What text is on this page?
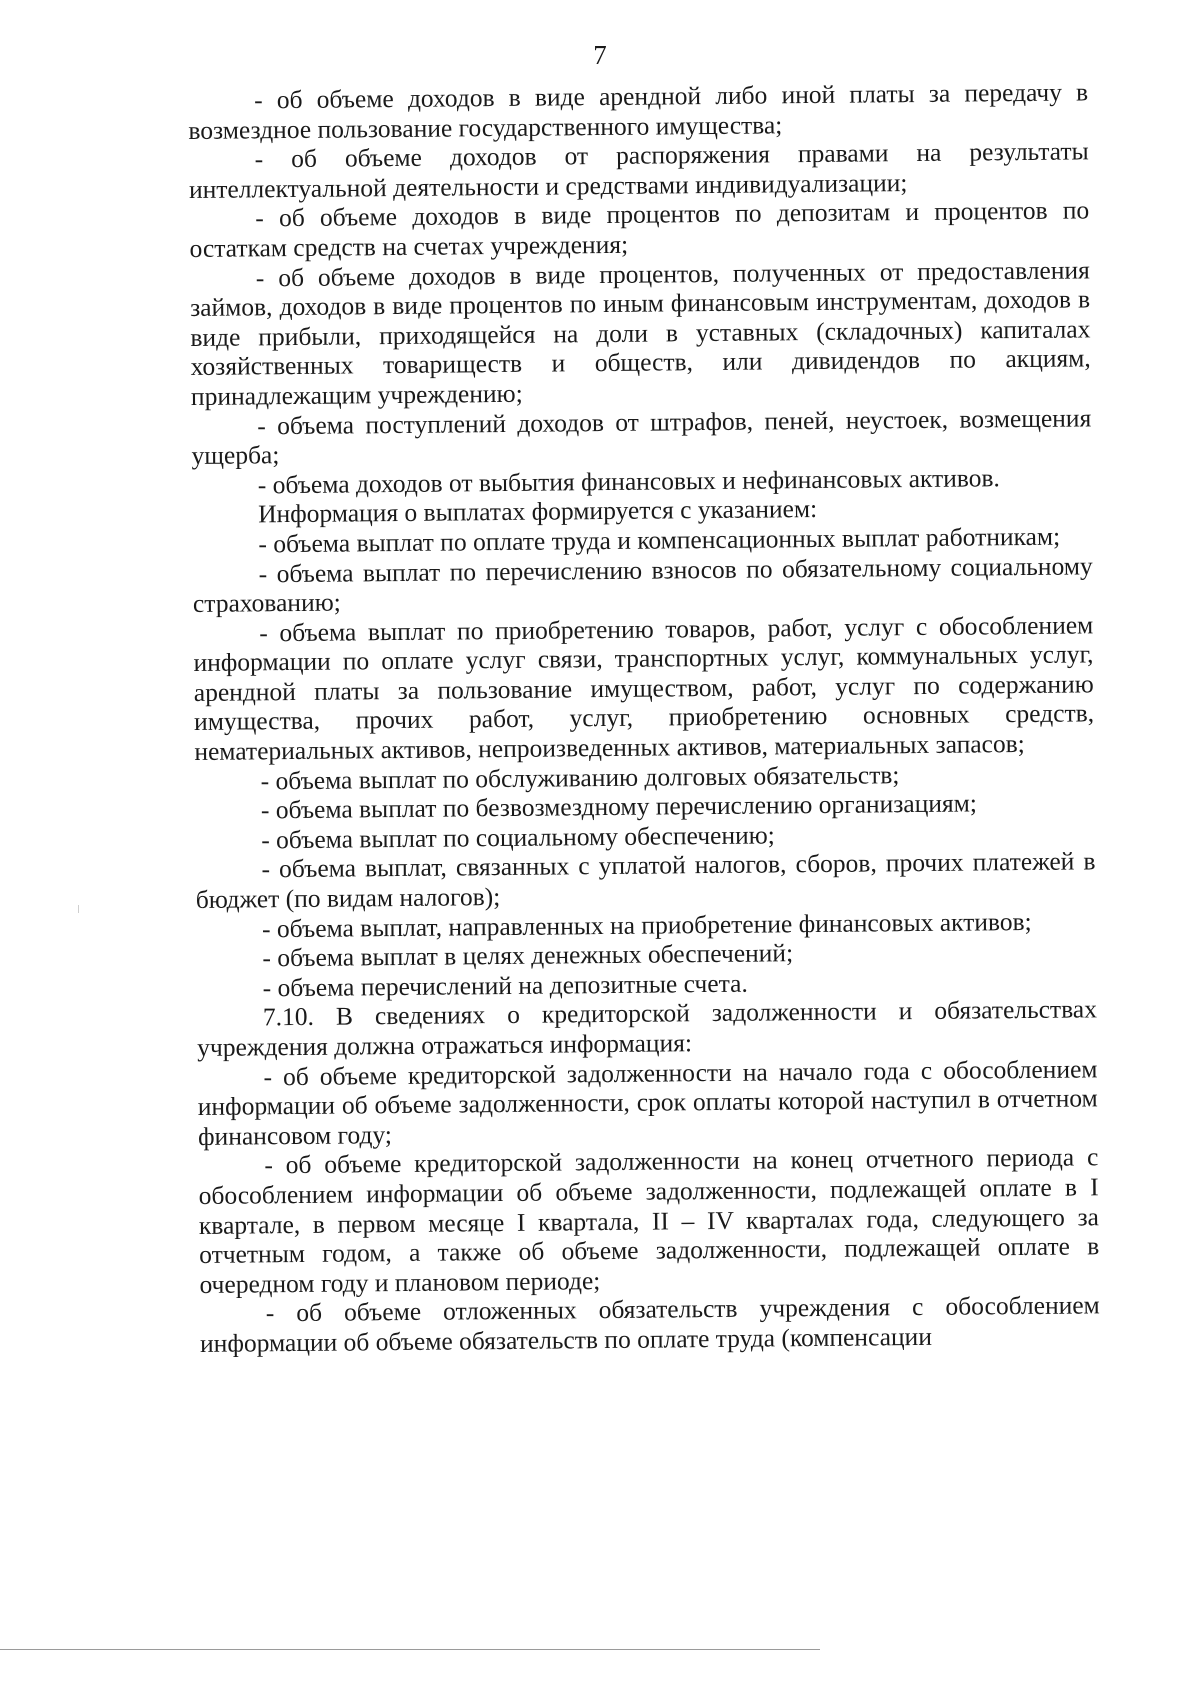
7

- об объеме доходов в виде арендной либо иной платы за передачу в возмездное пользование государственного имущества;

- об объеме доходов от распоряжения правами на результаты интеллектуальной деятельности и средствами индивидуализации;

- об объеме доходов в виде процентов по депозитам и процентов по остаткам средств на счетах учреждения;

- об объеме доходов в виде процентов, полученных от предоставления займов, доходов в виде процентов по иным финансовым инструментам, доходов в виде прибыли, приходящейся на доли в уставных (складочных) капиталах хозяйственных товариществ и обществ, или дивидендов по акциям, принадлежащим учреждению;

- объема поступлений доходов от штрафов, пеней, неустоек, возмещения ущерба;

- объема доходов от выбытия финансовых и нефинансовых активов.

Информация о выплатах формируется с указанием:

- объема выплат по оплате труда и компенсационных выплат работникам;

- объема выплат по перечислению взносов по обязательному социальному страхованию;

- объема выплат по приобретению товаров, работ, услуг с обособлением информации по оплате услуг связи, транспортных услуг, коммунальных услуг, арендной платы за пользование имуществом, работ, услуг по содержанию имущества, прочих работ, услуг, приобретению основных средств, нематериальных активов, непроизведенных активов, материальных запасов;

- объема выплат по обслуживанию долговых обязательств;

- объема выплат по безвозмездному перечислению организациям;

- объема выплат по социальному обеспечению;

- объема выплат, связанных с уплатой налогов, сборов, прочих платежей в бюджет (по видам налогов);

- объема выплат, направленных на приобретение финансовых активов;

- объема выплат в целях денежных обеспечений;

- объема перечислений на депозитные счета.

7.10. В сведениях о кредиторской задолженности и обязательствах учреждения должна отражаться информация:

- об объеме кредиторской задолженности на начало года с обособлением информации об объеме задолженности, срок оплаты которой наступил в отчетном финансовом году;

- об объеме кредиторской задолженности на конец отчетного периода с обособлением информации об объеме задолженности, подлежащей оплате в I квартале, в первом месяце I квартала, II – IV кварталах года, следующего за отчетным годом, а также об объеме задолженности, подлежащей оплате в очередном году и плановом периоде;

- об объеме отложенных обязательств учреждения с обособлением информации об объеме обязательств по оплате труда (компенсации
